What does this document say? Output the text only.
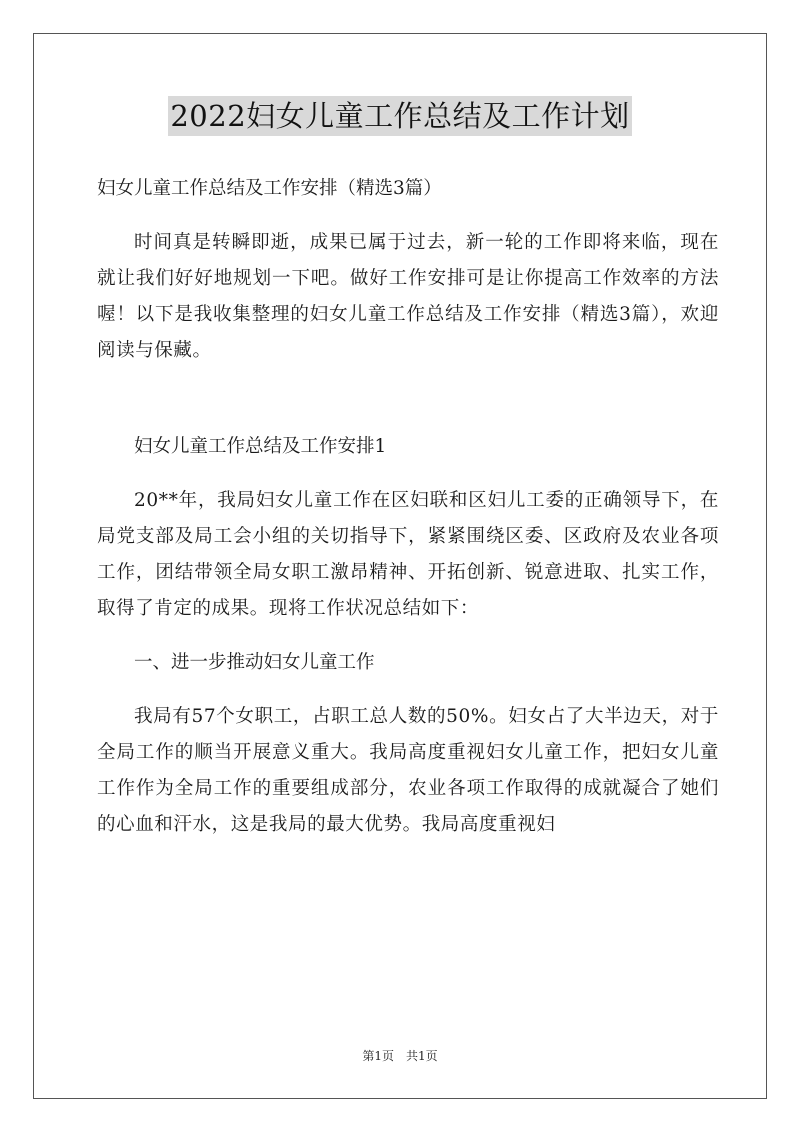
2022妇女儿童工作总结及工作计划
妇女儿童工作总结及工作安排（精选3篇）
时间真是转瞬即逝，成果已属于过去，新一轮的工作即将来临，现在就让我们好好地规划一下吧。做好工作安排可是让你提高工作效率的方法喔！以下是我收集整理的妇女儿童工作总结及工作安排（精选3篇），欢迎阅读与保藏。
妇女儿童工作总结及工作安排1
20**年，我局妇女儿童工作在区妇联和区妇儿工委的正确领导下，在局党支部及局工会小组的关切指导下，紧紧围绕区委、区政府及农业各项工作，团结带领全局女职工激昂精神、开拓创新、锐意进取、扎实工作，取得了肯定的成果。现将工作状况总结如下：
一、进一步推动妇女儿童工作
我局有57个女职工，占职工总人数的50%。妇女占了大半边天，对于全局工作的顺当开展意义重大。我局高度重视妇女儿童工作，把妇女儿童工作作为全局工作的重要组成部分，农业各项工作取得的成就凝合了她们的心血和汗水，这是我局的最大优势。我局高度重视妇
第1页　共1页
